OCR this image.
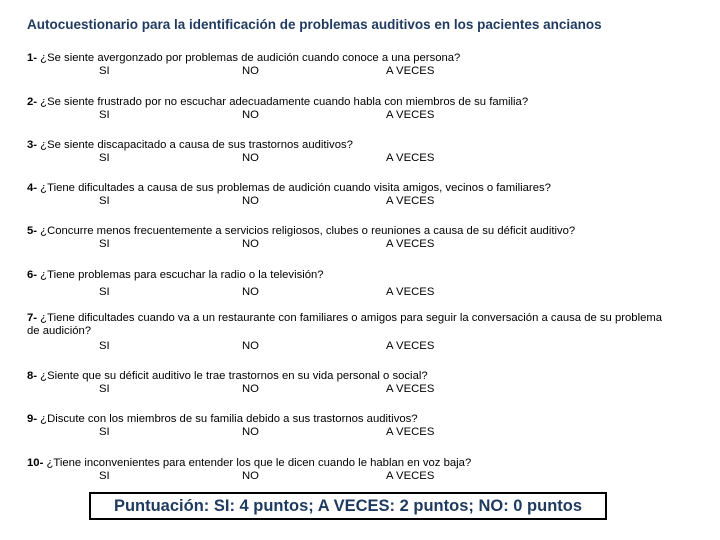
Autocuestionario para la identificación de problemas auditivos en los pacientes ancianos
1- ¿Se siente avergonzado por problemas de audición cuando conoce a una persona?
SI	NO	A VECES
2- ¿Se siente frustrado por no escuchar adecuadamente cuando habla con miembros de su familia?
SI	NO	A VECES
3- ¿Se siente discapacitado a causa de sus trastornos auditivos?
SI	NO	A VECES
4- ¿Tiene dificultades a causa de sus problemas de audición cuando visita amigos, vecinos o familiares?
SI	NO	A VECES
5- ¿Concurre menos frecuentemente a servicios religiosos, clubes o reuniones a causa de su déficit auditivo?
SI	NO	A VECES
6- ¿Tiene problemas para escuchar la radio o la televisión?
SI	NO	A VECES
7- ¿Tiene dificultades cuando va a un restaurante con familiares o amigos para seguir la conversación a causa de su problema de audición?
SI	NO	A VECES
8- ¿Siente que su déficit auditivo le trae trastornos en su vida personal o social?
SI	NO	A VECES
9- ¿Discute con los miembros de su familia debido a sus trastornos auditivos?
SI	NO	A VECES
10- ¿Tiene inconvenientes para entender los que le dicen cuando le hablan en voz baja?
SI	NO	A VECES
Puntuación: SI: 4 puntos; A VECES: 2 puntos; NO: 0 puntos
